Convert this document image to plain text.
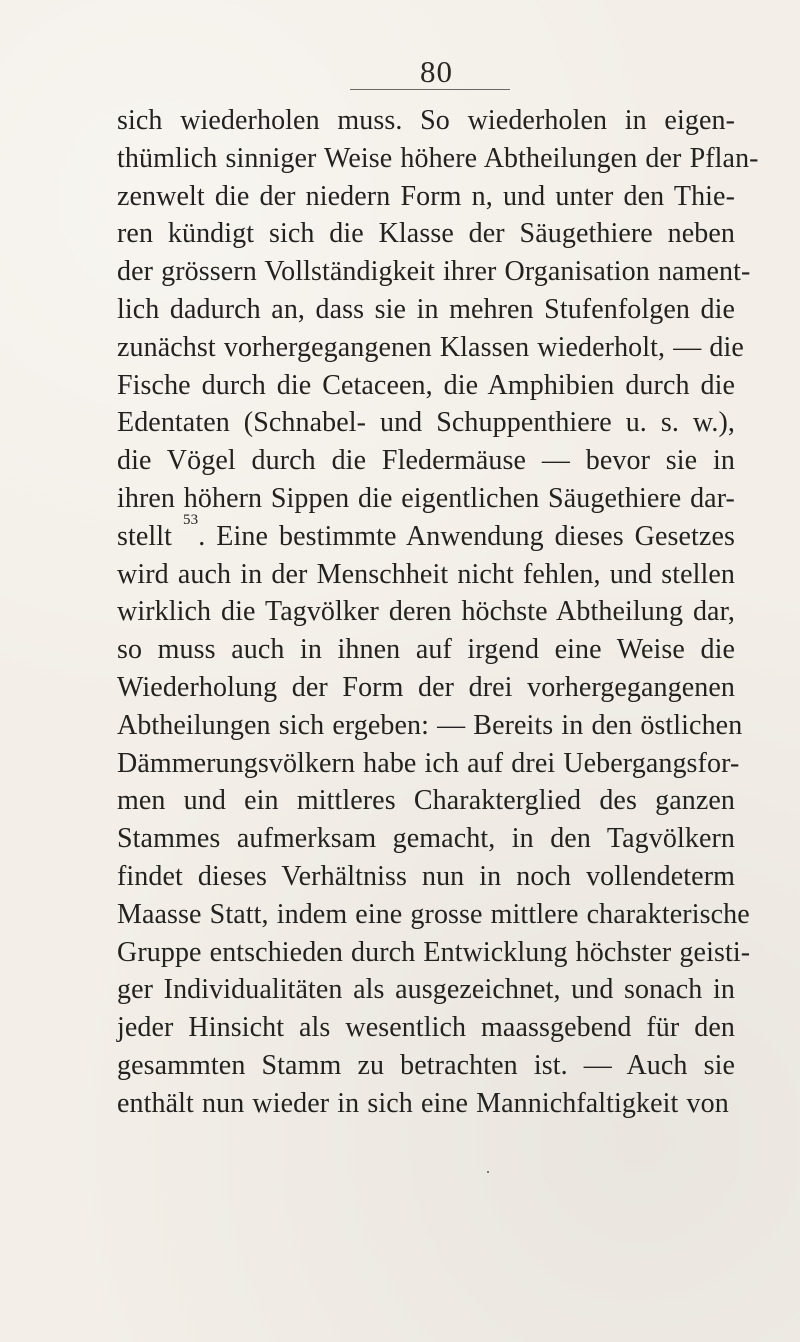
80
sich wiederholen muss. So wiederholen in eigen-
thümlich sinniger Weise höhere Abtheilungen der Pflan-
zenwelt die der niedern Form n, und unter den Thie-
ren kündigt sich die Klasse der Säugethiere neben
der grössern Vollständigkeit ihrer Organisation nament-
lich dadurch an, dass sie in mehren Stufenfolgen die
zunächst vorhergegangenen Klassen wiederholt, — die
Fische durch die Cetaceen, die Amphibien durch die
Edentaten (Schnabel- und Schuppenthiere u. s. w.),
die Vögel durch die Fledermäuse — bevor sie in
ihren höhern Sippen die eigentlichen Säugethiere dar-
stellt $^{53}$. Eine bestimmte Anwendung dieses Gesetzes
wird auch in der Menschheit nicht fehlen, und stellen
wirklich die Tagvölker deren höchste Abtheilung dar,
so muss auch in ihnen auf irgend eine Weise die
Wiederholung der Form der drei vorhergegangenen
Abtheilungen sich ergeben: — Bereits in den östlichen
Dämmerungsvölkern habe ich auf drei Uebergangsfor-
men und ein mittleres Charakterglied des ganzen
Stammes aufmerksam gemacht, in den Tagvölkern
findet dieses Verhältniss nun in noch vollendeterm
Maasse Statt, indem eine grosse mittlere charakterische
Gruppe entschieden durch Entwicklung höchster geisti-
ger Individualitäten als ausgezeichnet, und sonach in
jeder Hinsicht als wesentlich maassgebend für den
gesammten Stamm zu betrachten ist. — Auch sie
enthält nun wieder in sich eine Mannichfaltigkeit von
